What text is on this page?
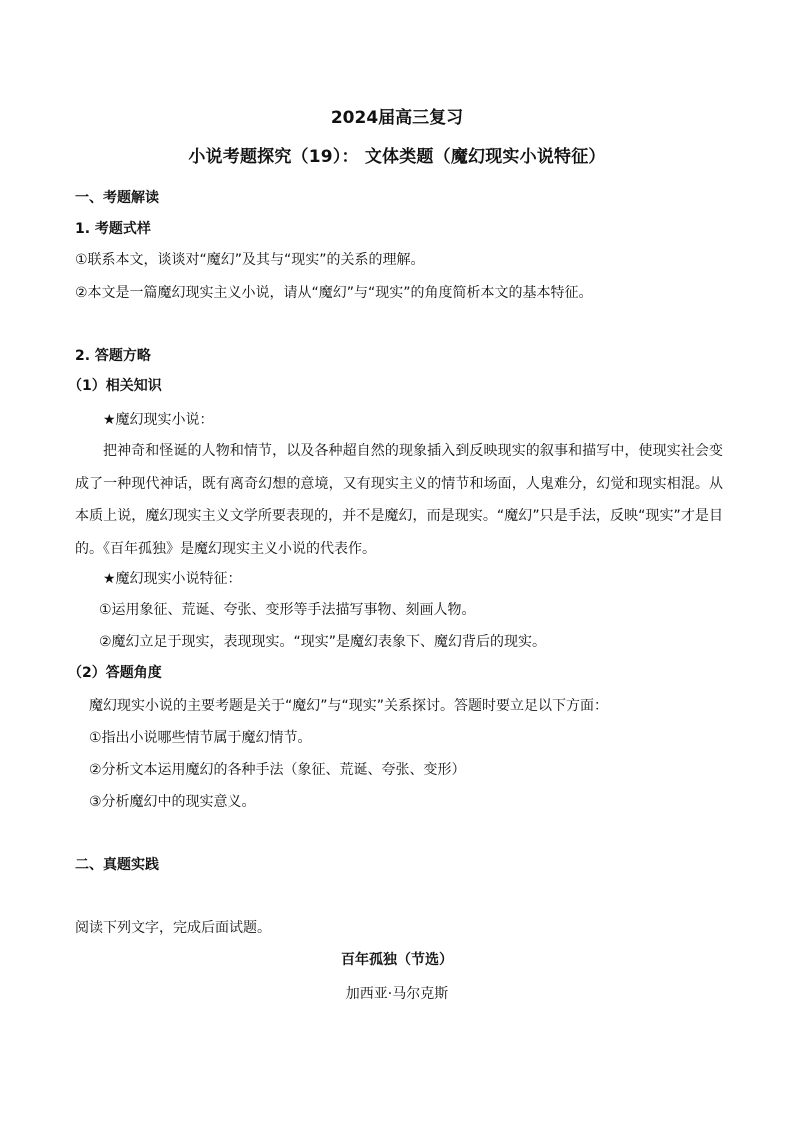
2024届高三复习
小说考题探究（19）： 文体类题（魔幻现实小说特征）
一、考题解读
1. 考题式样
①联系本文，谈谈对“魔幻”及其与“现实”的关系的理解。
②本文是一篇魔幻现实主义小说，请从“魔幻”与“现实”的角度简析本文的基本特征。
2. 答题方略
（1）相关知识
★魔幻现实小说：
把神奇和怪诞的人物和情节，以及各种超自然的现象插入到反映现实的叙事和描写中，使现实社会变成了一种现代神话，既有离奇幻想的意境，又有现实主义的情节和场面，人鬼难分，幻觉和现实相混。从本质上说，魔幻现实主义文学所要表现的，并不是魔幻，而是现实。“魔幻”只是手法，反映“现实”才是目的。《百年孤独》是魔幻现实主义小说的代表作。
★魔幻现实小说特征：
①运用象征、荒诞、夸张、变形等手法描写事物、刻画人物。
②魔幻立足于现实，表现现实。“现实”是魔幻表象下、魔幻背后的现实。
（2）答题角度
魔幻现实小说的主要考题是关于“魔幻”与“现实”关系探讨。答题时要立足以下方面：
①指出小说哪些情节属于魔幻情节。
②分析文本运用魔幻的各种手法（象征、荒诞、夸张、变形）
③分析魔幻中的现实意义。
二、真题实践
阅读下列文字，完成后面试题。
百年孤独（节选）
加西亚·马尔克斯
